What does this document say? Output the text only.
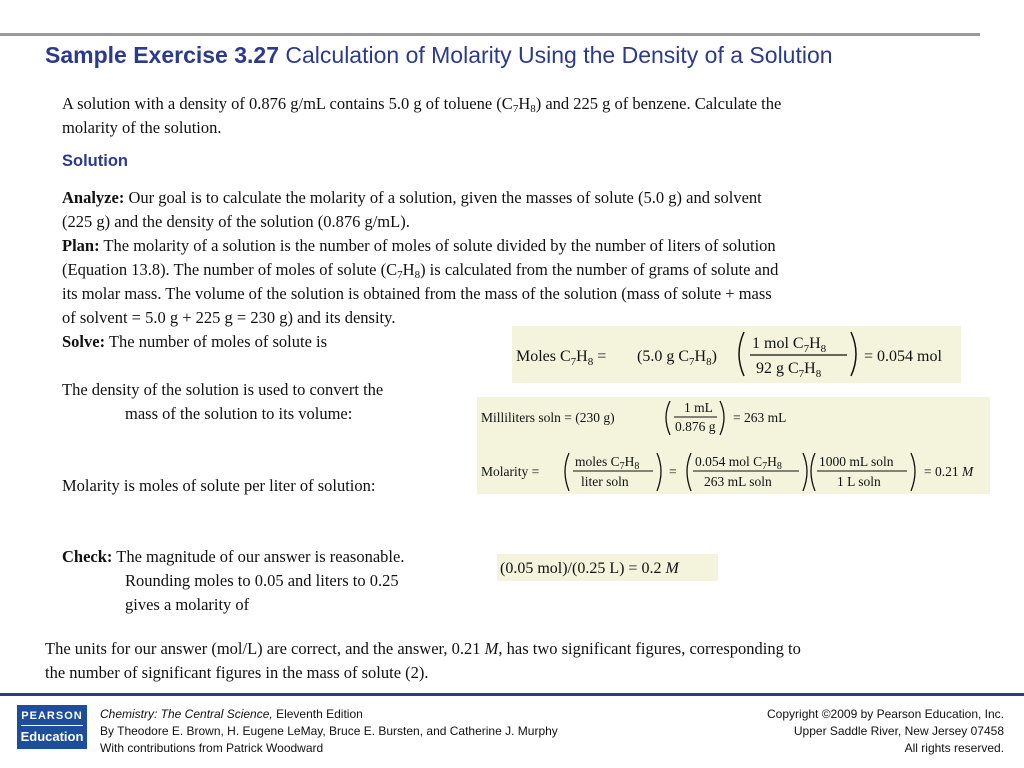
Sample Exercise 3.27 Calculation of Molarity Using the Density of a Solution
A solution with a density of 0.876 g/mL contains 5.0 g of toluene $(C_7H_8)$ and 225 g of benzene. Calculate the
molarity of the solution.
Solution
Analyze: Our goal is to calculate the molarity of a solution, given the masses of solute (5.0 g) and solvent
(225 g) and the density of the solution (0.876 g/mL).
Plan: The molarity of a solution is the number of moles of solute divided by the number of liters of solution
(Equation 13.8). The number of moles of solute $(C_7H_8)$ is calculated from the number of grams of solute and
its molar mass. The volume of the solution is obtained from the mass of the solution (mass of solute + mass
of solvent = 5.0 g + 225 g = 230 g) and its density.
Solve: The number of moles of solute is
The density of the solution is used to convert the
mass of the solution to its volume:
Molarity is moles of solute per liter of solution:
Check: The magnitude of our answer is reasonable.
Rounding moles to 0.05 and liters to 0.25
gives a molarity of
The units for our answer (mol/L) are correct, and the answer, 0.21 M, has two significant figures, corresponding to
the number of significant figures in the mass of solute (2).
Moles $C_7H_8 = (5.0$ g $C_7H_8$)
1 mol $C_7H_8$
92 g $C_7H_8$
= 0.054 mol
Milliliters soln = (230 g)
1 mL
0.876 g
= 263 mL
Molarity =
moles $C_7H_8$
liter soln
=
0.054 mol $C_7H_8$
263 mL soln
1000 mL soln
1 L soln
= 0.21 M
(0.05 mol)/(0.25 L) = 0.2 M
PEARSON
Education
Chemistry: The Central Science, Eleventh Edition
By Theodore E. Brown, H. Eugene LeMay, Bruce E. Bursten, and Catherine J. Murphy
With contributions from Patrick Woodward
Copyright ©2009 by Pearson Education, Inc.
Upper Saddle River, New Jersey 07458
All rights reserved.
